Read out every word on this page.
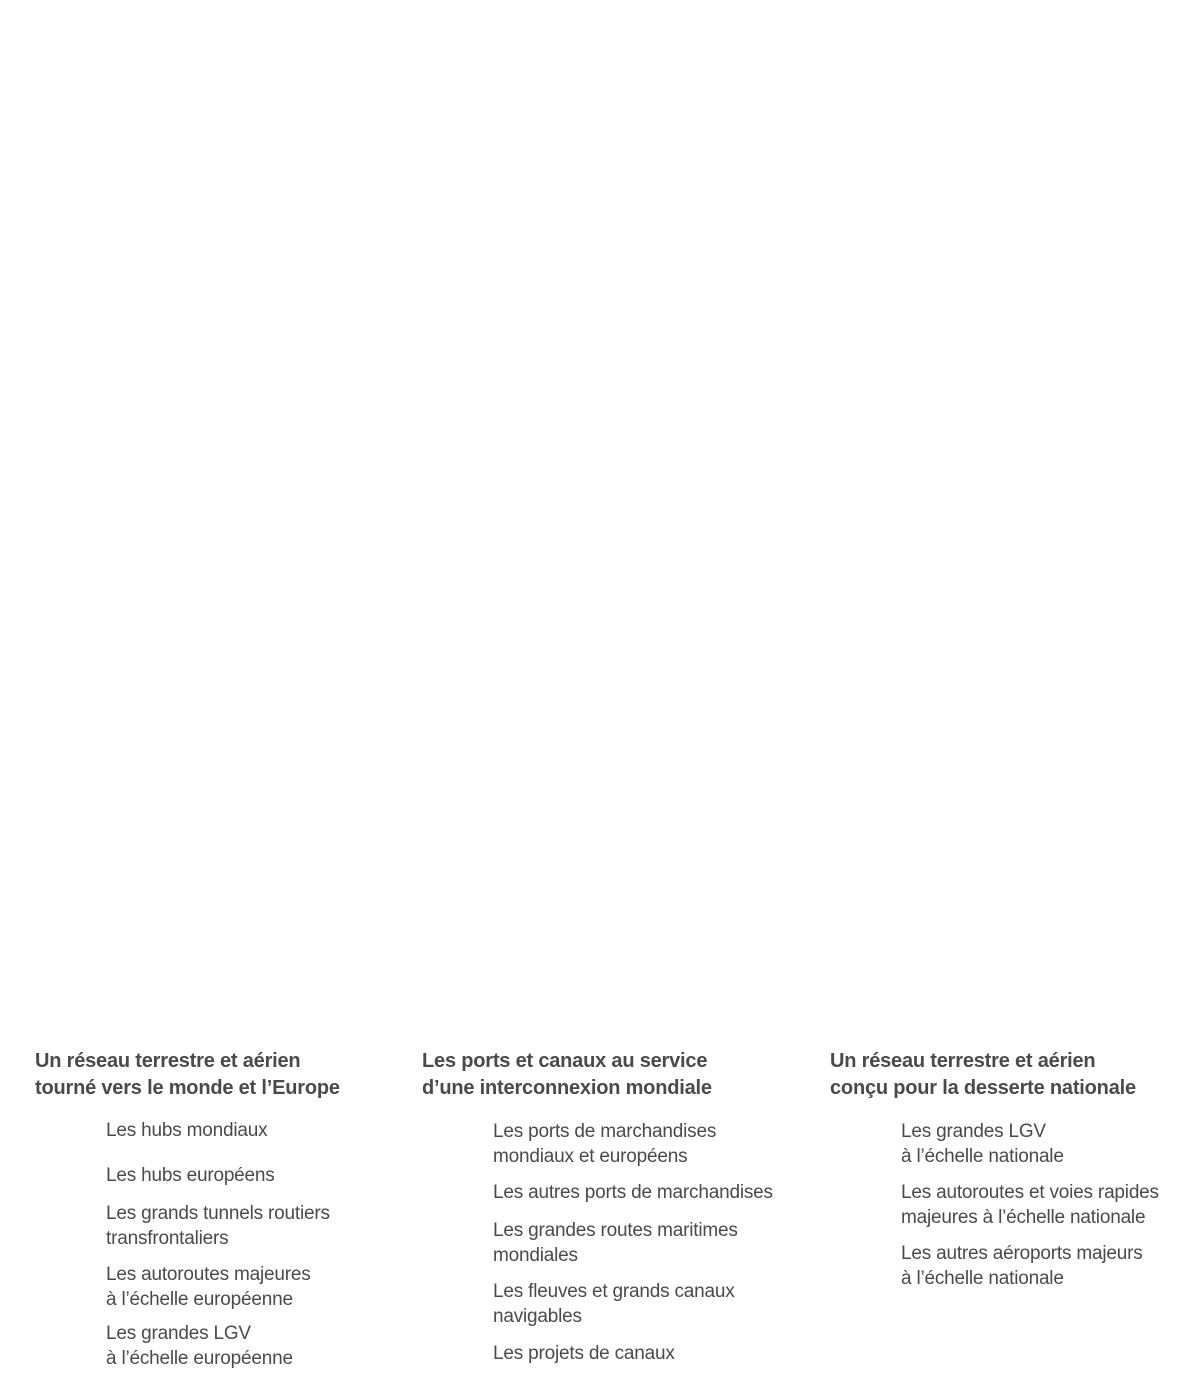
Un réseau terrestre et aérien
tourné vers le monde et l’Europe
Les hubs mondiaux
Les hubs européens
Les grands tunnels routiers
transfrontaliers
Les autoroutes majeures
à l’échelle européenne
Les grandes LGV
à l’échelle européenne
Les ports et canaux au service
d’une interconnexion mondiale
Les ports de marchandises
mondiaux et européens
Les autres ports de marchandises
Les grandes routes maritimes
mondiales
Les fleuves et grands canaux
navigables
Les projets de canaux
Un réseau terrestre et aérien
conçu pour la desserte nationale
Les grandes LGV
à l’échelle nationale
Les autoroutes et voies rapides
majeures à l’échelle nationale
Les autres aéroports majeurs
à l’échelle nationale
